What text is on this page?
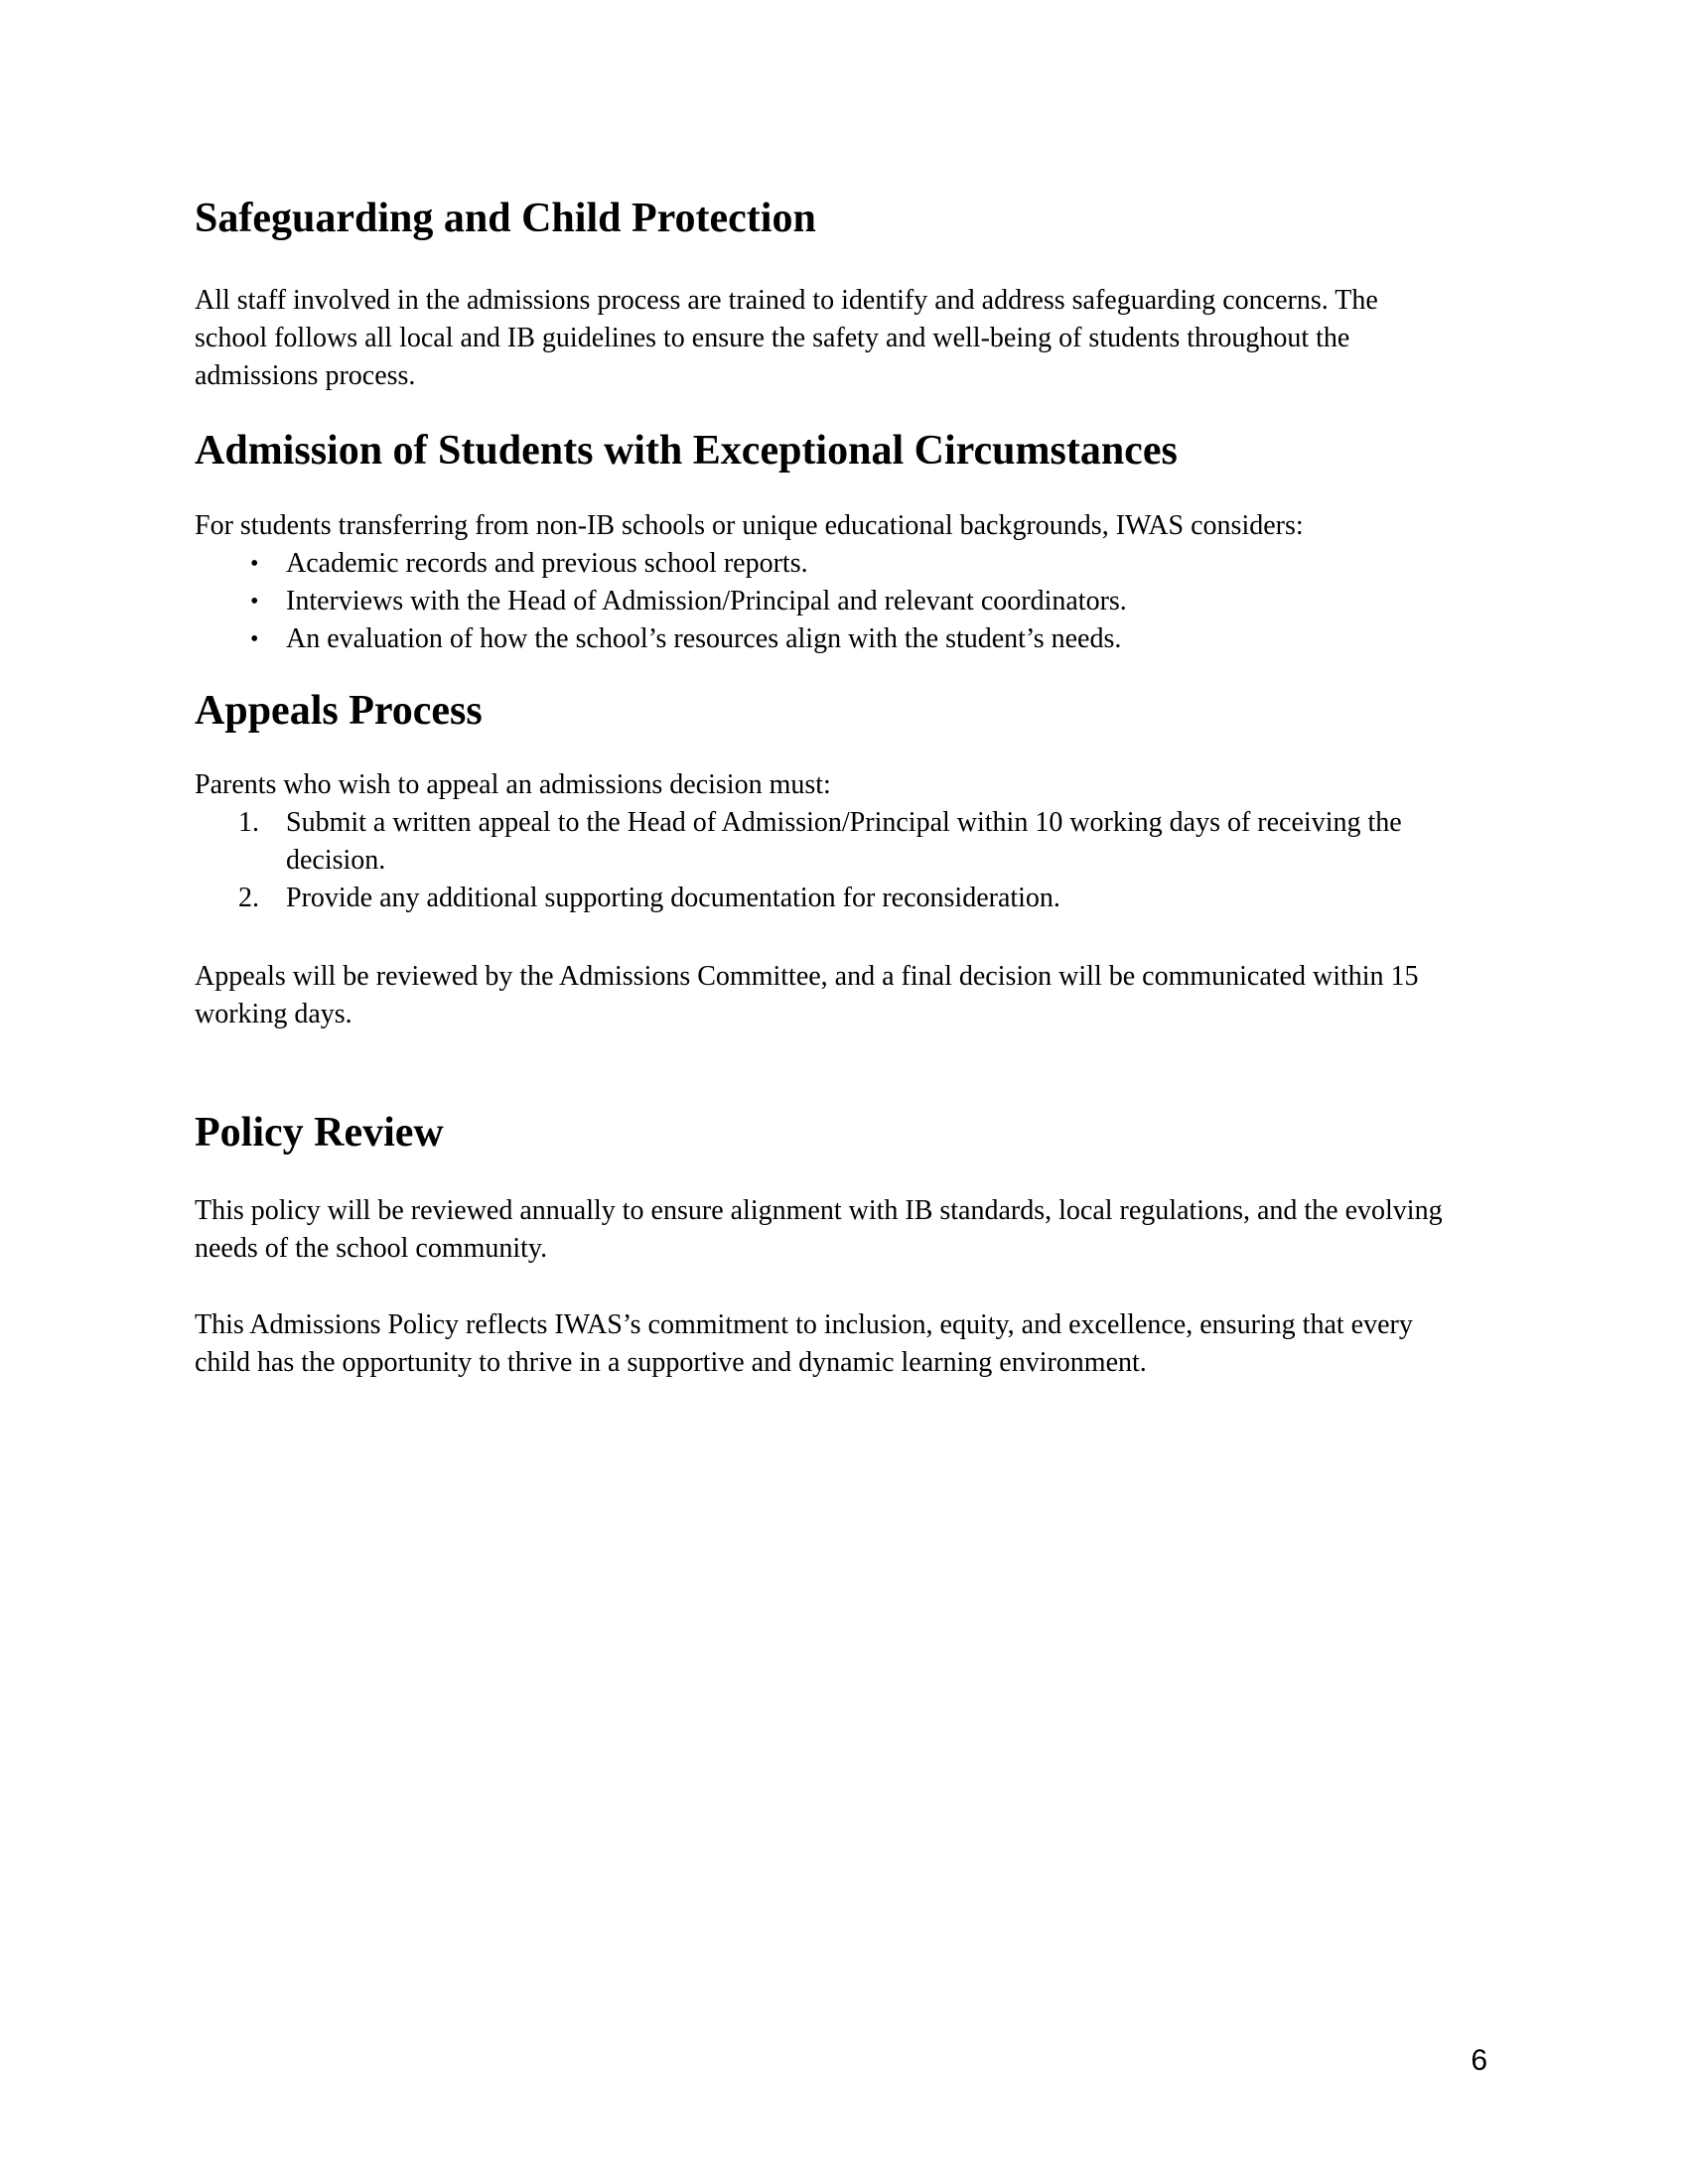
Safeguarding and Child Protection

All staff involved in the admissions process are trained to identify and address safeguarding concerns. The school follows all local and IB guidelines to ensure the safety and well-being of students throughout the admissions process.

Admission of Students with Exceptional Circumstances

For students transferring from non-IB schools or unique educational backgrounds, IWAS considers:

• Academic records and previous school reports.
• Interviews with the Head of Admission/Principal and relevant coordinators.
• An evaluation of how the school’s resources align with the student’s needs.
Appeals Process

Parents who wish to appeal an admissions decision must:

1. Submit a written appeal to the Head of Admission/Principal within 10 working days of receiving the decision.
2. Provide any additional supporting documentation for reconsideration.

Appeals will be reviewed by the Admissions Committee, and a final decision will be communicated within 15 working days.

Policy Review

This policy will be reviewed annually to ensure alignment with IB standards, local regulations, and the evolving needs of the school community.

This Admissions Policy reflects IWAS’s commitment to inclusion, equity, and excellence, ensuring that every child has the opportunity to thrive in a supportive and dynamic learning environment.

6
